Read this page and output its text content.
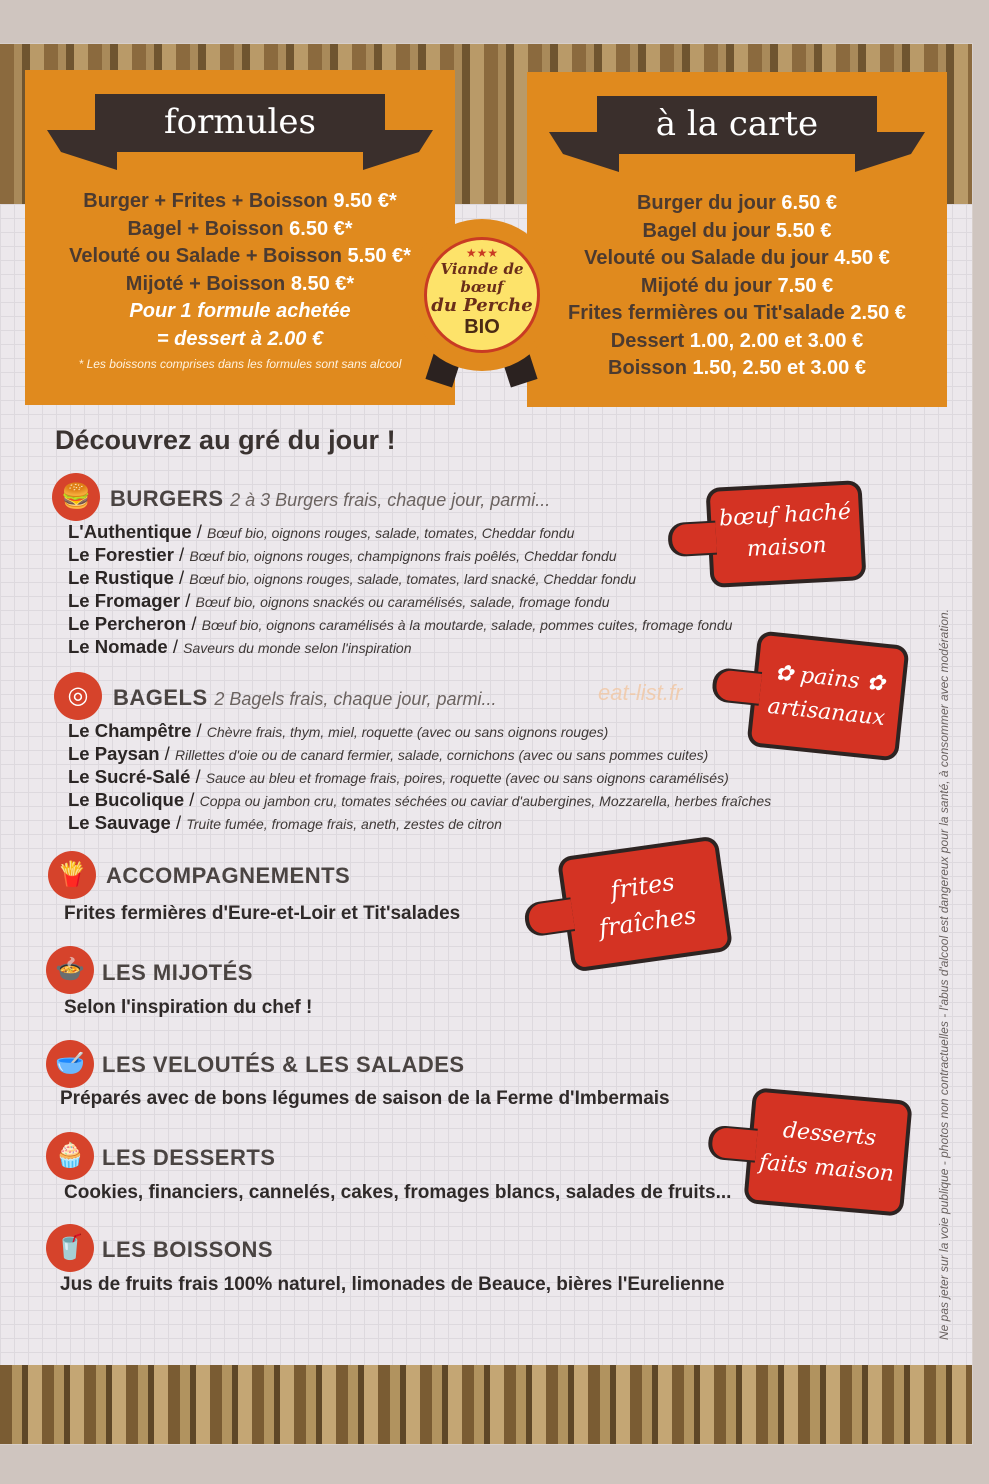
formules
Burger + Frites + Boisson 9.50 €*
Bagel + Boisson 6.50 €*
Velouté ou Salade + Boisson 5.50 €*
Mijoté + Boisson 8.50 €*
Pour 1 formule achetée
= dessert à 2.00 €
* Les boissons comprises dans les formules sont sans alcool
à la carte
Burger du jour 6.50 €
Bagel du jour 5.50 €
Velouté ou Salade du jour 4.50 €
Mijoté du jour 7.50 €
Frites fermières ou Tit'salade 2.50 €
Dessert 1.00, 2.00 et 3.00 €
Boisson 1.50, 2.50 et 3.00 €
★★★
Viande de bœuf
du Perche
BIO
Découvrez au gré du jour !
🍔 BURGERS 2 à 3 Burgers frais, chaque jour, parmi...
L'Authentique / Bœuf bio, oignons rouges, salade, tomates, Cheddar fondu
Le Forestier / Bœuf bio, oignons rouges, champignons frais poêlés, Cheddar fondu
Le Rustique / Bœuf bio, oignons rouges, salade, tomates, lard snacké, Cheddar fondu
Le Fromager / Bœuf bio, oignons snackés ou caramélisés, salade, fromage fondu
Le Percheron / Bœuf bio, oignons caramélisés à la moutarde, salade, pommes cuites, fromage fondu
Le Nomade / Saveurs du monde selon l'inspiration
◎	BAGELS 2 Bagels frais, chaque jour, parmi...
Le Champêtre / Chèvre frais, thym, miel, roquette (avec ou sans oignons rouges)
Le Paysan / Rillettes d'oie ou de canard fermier, salade, cornichons (avec ou sans pommes cuites)
Le Sucré-Salé / Sauce au bleu et fromage frais, poires, roquette (avec ou sans oignons caramélisés)
Le Bucolique / Coppa ou jambon cru, tomates séchées ou caviar d'aubergines, Mozzarella, herbes fraîches
Le Sauvage / Truite fumée, fromage frais, aneth, zestes de citron
🍟 ACCOMPAGNEMENTS
Frites fermières d'Eure-et-Loir et Tit'salades
🍲 LES MIJOTÉS
Selon l'inspiration du chef !
🥣 LES VELOUTÉS & LES SALADES
Préparés avec de bons légumes de saison de la Ferme d'Imbermais
🧁 LES DESSERTS
Cookies, financiers, cannelés, cakes, fromages blancs, salades de fruits...
🥤 LES BOISSONS
Jus de fruits frais 100% naturel, limonades de Beauce, bières l'Eurelienne
bœuf haché
maison
✿ pains ✿
artisanaux
frites
fraîches
desserts
faits maison
eat-list.fr	Ne pas jeter sur la voie publique - photos non contractuelles - l'abus d'alcool est dangereux pour la santé, à consommer avec modération.
